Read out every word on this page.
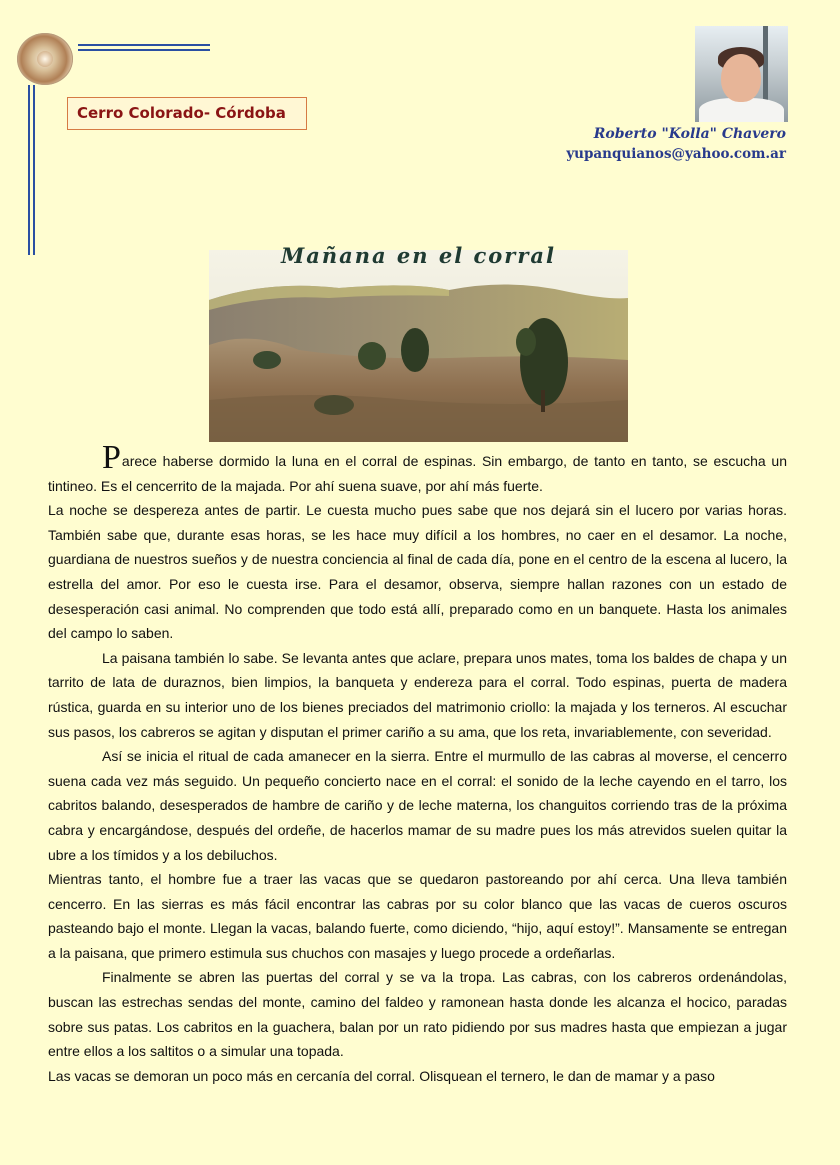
Cerro Colorado- Córdoba
Roberto "Kolla" Chavero
yupanquianos@yahoo.com.ar
Mañana en el corral

Parece haberse dormido la luna en el corral de espinas. Sin embargo, de tanto en tanto, se escucha un tintineo. Es el cencerrito de la majada. Por ahí suena suave, por ahí más fuerte.

La noche se despereza antes de partir. Le cuesta mucho pues sabe que nos dejará sin el lucero por varias horas. También sabe que, durante esas horas, se les hace muy difícil a los hombres, no caer en el desamor. La noche, guardiana de nuestros sueños y de nuestra conciencia al final de cada día, pone en el centro de la escena al lucero, la estrella del amor. Por eso le cuesta irse. Para el desamor, observa, siempre hallan razones con un estado de desesperación casi animal. No comprenden que todo está allí, preparado como en un banquete. Hasta los animales del campo lo saben.

La paisana también lo sabe. Se levanta antes que aclare, prepara unos mates, toma los baldes de chapa y un tarrito de lata de duraznos, bien limpios, la banqueta y endereza para el corral. Todo espinas, puerta de madera rústica, guarda en su interior uno de los bienes preciados del matrimonio criollo: la majada y los terneros. Al escuchar sus pasos, los cabreros se agitan y disputan el primer cariño a su ama, que los reta, invariablemente, con severidad.

Así se inicia el ritual de cada amanecer en la sierra. Entre el murmullo de las cabras al moverse, el cencerro suena cada vez más seguido. Un pequeño concierto nace en el corral: el sonido de la leche cayendo en el tarro, los cabritos balando, desesperados de hambre de cariño y de leche materna, los changuitos corriendo tras de la próxima cabra y encargándose, después del ordeñe, de hacerlos mamar de su madre pues los más atrevidos suelen quitar la ubre a los tímidos y a los debiluchos.

Mientras tanto, el hombre fue a traer las vacas que se quedaron pastoreando por ahí cerca. Una lleva también cencerro. En las sierras es más fácil encontrar las cabras por su color blanco que las vacas de cueros oscuros pasteando bajo el monte. Llegan la vacas, balando fuerte, como diciendo, “hijo, aquí estoy!”. Mansamente se entregan a la paisana, que primero estimula sus chuchos con masajes y luego procede a ordeñarlas.

Finalmente se abren las puertas del corral y se va la tropa. Las cabras, con los cabreros ordenándolas, buscan las estrechas sendas del monte, camino del faldeo y ramonean hasta donde les alcanza el hocico, paradas sobre sus patas. Los cabritos en la guachera, balan por un rato pidiendo por sus madres hasta que empiezan a jugar entre ellos a los saltitos o a simular una topada.

Las vacas se demoran un poco más en cercanía del corral. Olisquean el ternero, le dan de mamar y a paso
